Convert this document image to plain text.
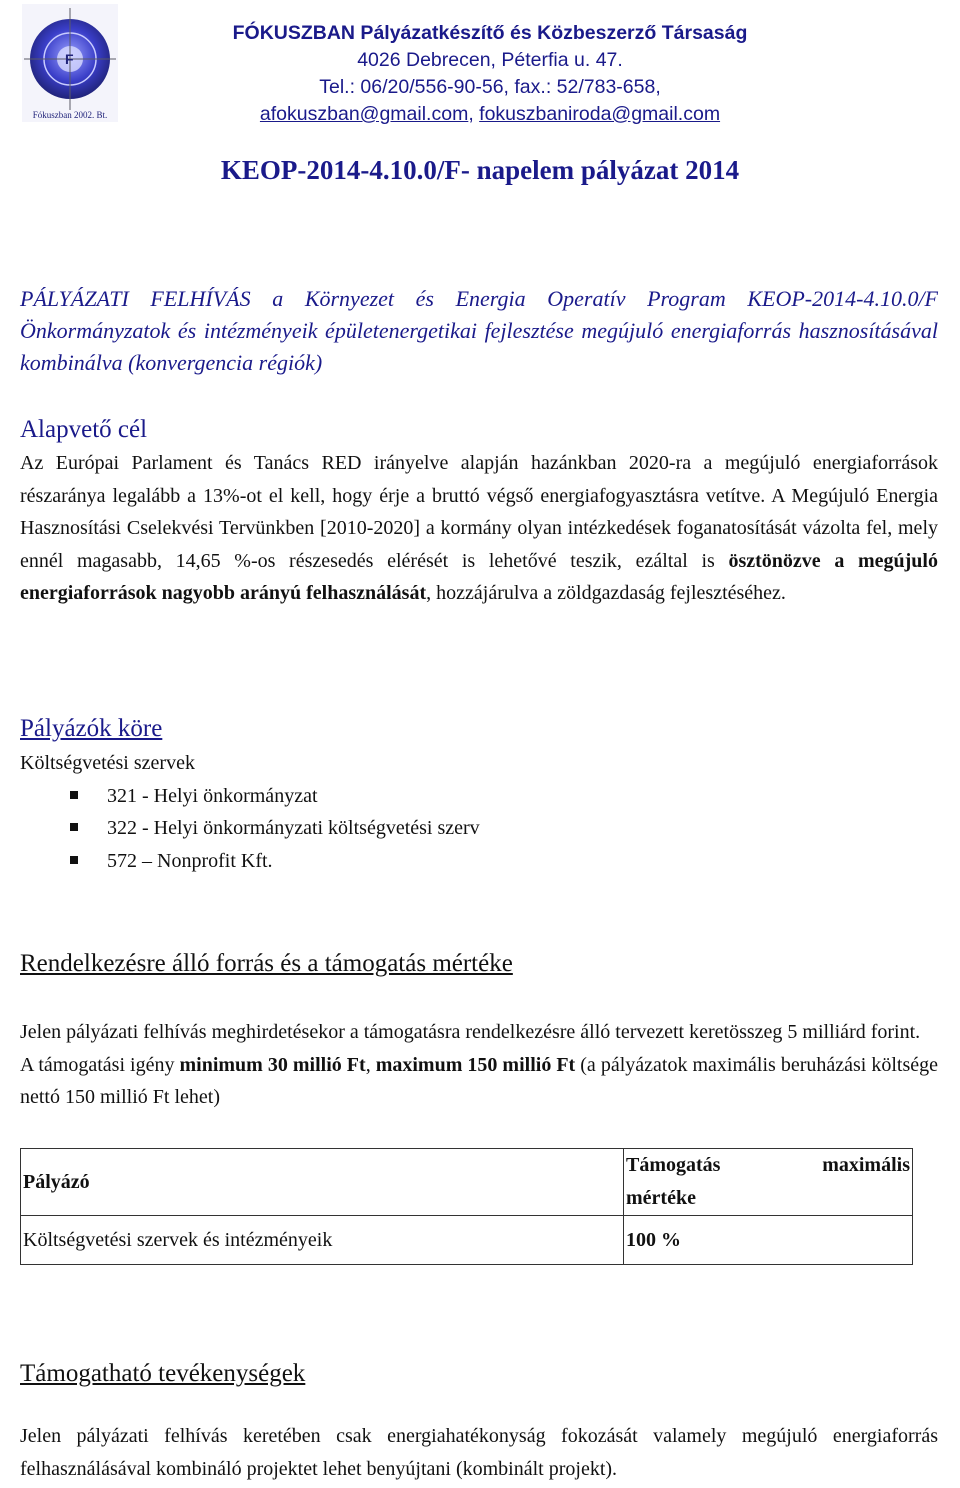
F
Fókuszban 2002. Bt.
FÓKUSZBAN Pályázatkészítő és Közbeszerző Társaság
4026 Debrecen, Péterfia u. 47.
Tel.: 06/20/556-90-56, fax.: 52/783-658,
afokuszban@gmail.com, fokuszbaniroda@gmail.com
KEOP-2014-4.10.0/F- napelem pályázat 2014
PÁLYÁZATI FELHÍVÁS a Környezet és Energia Operatív Program KEOP-2014-4.10.0/F Önkormányzatok és intézményeik épületenergetikai fejlesztése megújuló energiaforrás hasznosításával kombinálva (konvergencia régiók)
Alapvető cél

Az Európai Parlament és Tanács RED irányelve alapján hazánkban 2020-ra a megújuló energiaforrások részaránya legalább a 13%-ot el kell, hogy érje a bruttó végső energiafogyasztásra vetítve. A Megújuló Energia Hasznosítási Cselekvési Tervünkben [2010-2020] a kormány olyan intézkedések foganatosítását vázolta fel, mely ennél magasabb, 14,65 %-os részesedés elérését is lehetővé teszik, ezáltal is ösztönözve a megújuló energiaforrások nagyobb arányú felhasználását, hozzájárulva a zöldgazdaság fejlesztéséhez.

Pályázók köre

Költségvetési szervek

321 - Helyi önkormányzat
322 - Helyi önkormányzati költségvetési szerv
572 – Nonprofit Kft.
Rendelkezésre álló forrás és a támogatás mértéke

Jelen pályázati felhívás meghirdetésekor a támogatásra rendelkezésre álló tervezett keretösszeg 5 milliárd forint.

A támogatási igény minimum 30 millió Ft, maximum 150 millió Ft (a pályázatok maximális beruházási költsége nettó 150 millió Ft lehet)

Pályázó	Támogatás maximális
mértéke

Költségvetési szervek és intézményeik	100 %
Támogatható tevékenységek

Jelen pályázati felhívás keretében csak energiahatékonyság fokozását valamely megújuló energiaforrás felhasználásával kombináló projektet lehet benyújtani (kombinált projekt).
